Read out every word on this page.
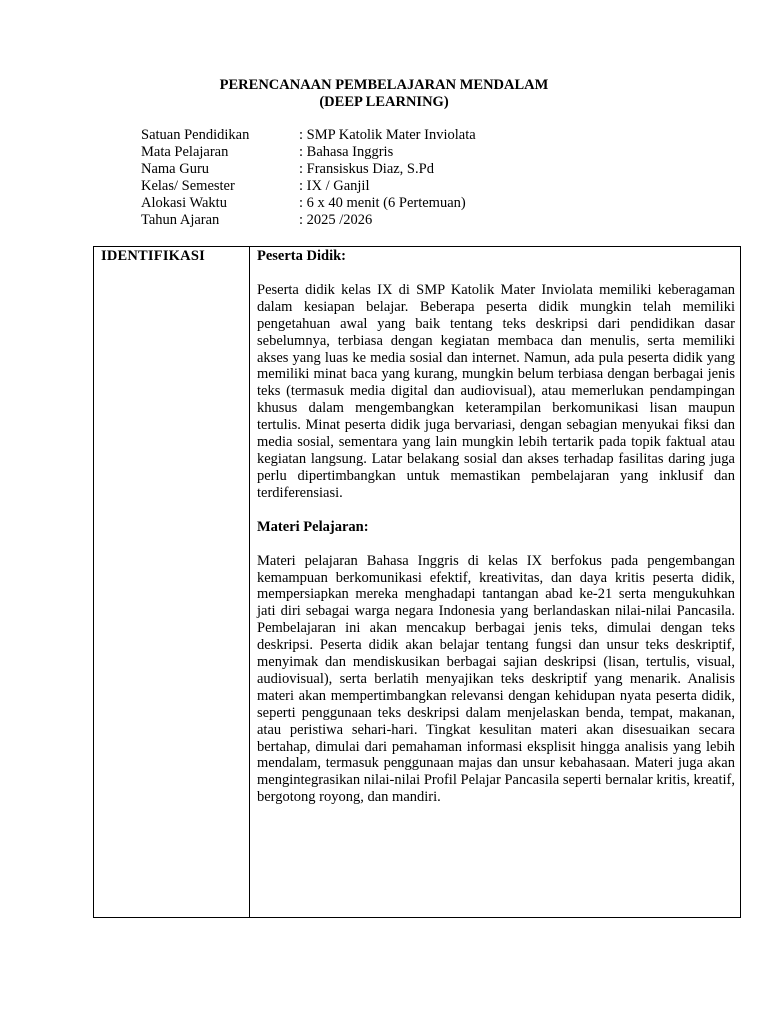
PERENCANAAN PEMBELAJARAN MENDALAM
(DEEP LEARNING)
Satuan Pendidikan	: SMP Katolik Mater Inviolata
Mata Pelajaran	: Bahasa Inggris
Nama Guru	: Fransiskus Diaz, S.Pd
Kelas/ Semester	: IX / Ganjil
Alokasi Waktu	: 6 x 40 menit (6 Pertemuan)
Tahun Ajaran	: 2025 /2026
IDENTIFIKASI	Peserta Didik:

Peserta didik kelas IX di SMP Katolik Mater Inviolata memiliki keberagaman dalam kesiapan belajar. Beberapa peserta didik mungkin telah memiliki pengetahuan awal yang baik tentang teks deskripsi dari pendidikan dasar sebelumnya, terbiasa dengan kegiatan membaca dan menulis, serta memiliki akses yang luas ke media sosial dan internet. Namun, ada pula peserta didik yang memiliki minat baca yang kurang, mungkin belum terbiasa dengan berbagai jenis teks (termasuk media digital dan audiovisual), atau memerlukan pendampingan khusus dalam mengembangkan keterampilan berkomunikasi lisan maupun tertulis. Minat peserta didik juga bervariasi, dengan sebagian menyukai fiksi dan media sosial, sementara yang lain mungkin lebih tertarik pada topik faktual atau kegiatan langsung. Latar belakang sosial dan akses terhadap fasilitas daring juga perlu dipertimbangkan untuk memastikan pembelajaran yang inklusif dan terdiferensiasi.

Materi Pelajaran:

Materi pelajaran Bahasa Inggris di kelas IX berfokus pada pengembangan kemampuan berkomunikasi efektif, kreativitas, dan daya kritis peserta didik, mempersiapkan mereka menghadapi tantangan abad ke-21 serta mengukuhkan jati diri sebagai warga negara Indonesia yang berlandaskan nilai-nilai Pancasila. Pembelajaran ini akan mencakup berbagai jenis teks, dimulai dengan teks deskripsi. Peserta didik akan belajar tentang fungsi dan unsur teks deskriptif, menyimak dan mendiskusikan berbagai sajian deskripsi (lisan, tertulis, visual, audiovisual), serta berlatih menyajikan teks deskriptif yang menarik. Analisis materi akan mempertimbangkan relevansi dengan kehidupan nyata peserta didik, seperti penggunaan teks deskripsi dalam menjelaskan benda, tempat, makanan, atau peristiwa sehari-hari. Tingkat kesulitan materi akan disesuaikan secara bertahap, dimulai dari pemahaman informasi eksplisit hingga analisis yang lebih mendalam, termasuk penggunaan majas dan unsur kebahasaan. Materi juga akan mengintegrasikan nilai-nilai Profil Pelajar Pancasila seperti bernalar kritis, kreatif, bergotong royong, dan mandiri.
